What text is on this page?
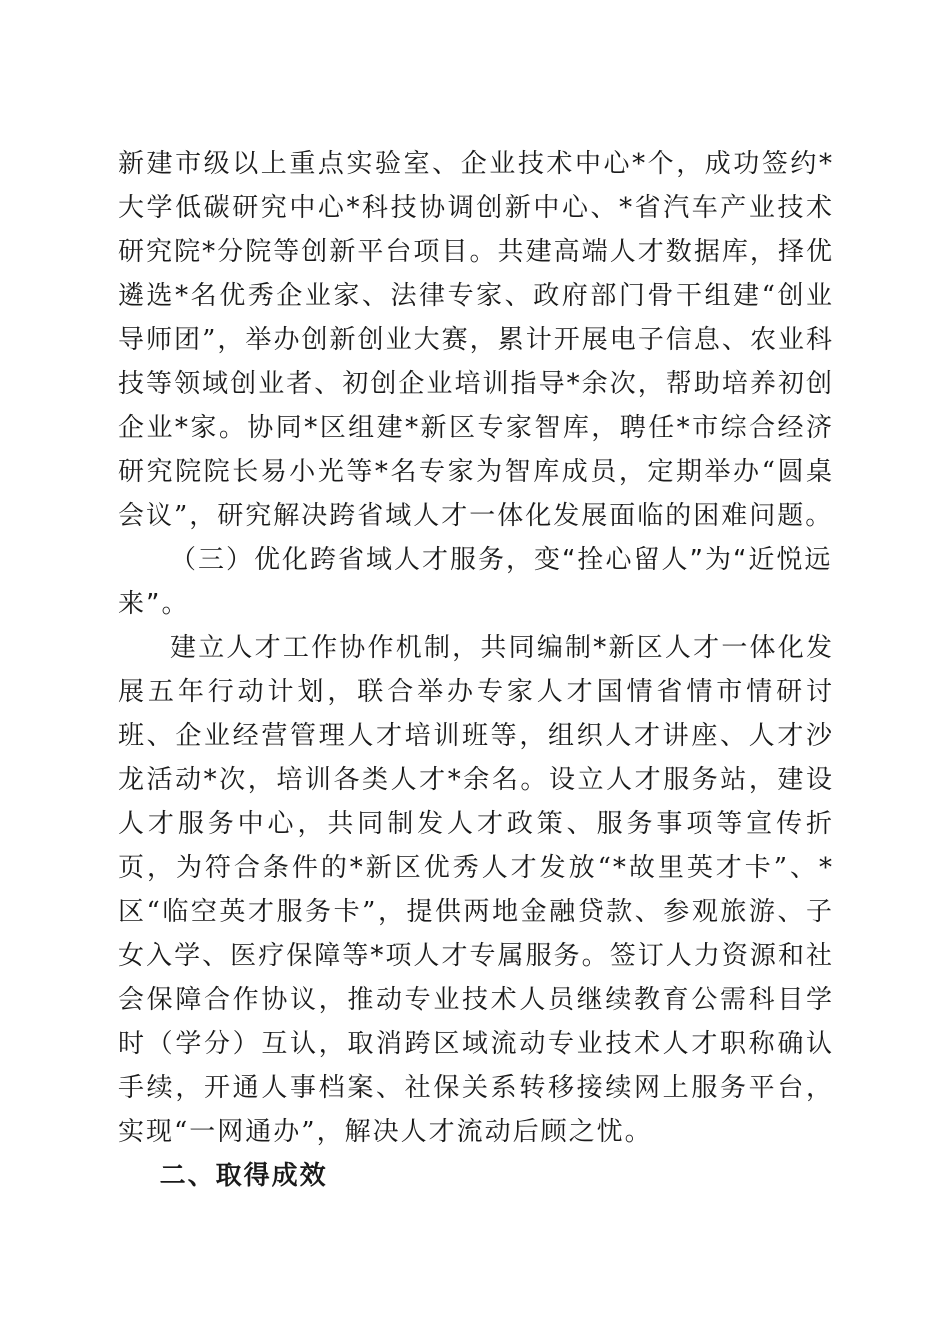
新建市级以上重点实验室、企业技术中心*个，成功签约*大学低碳研究中心*科技协调创新中心、*省汽车产业技术研究院*分院等创新平台项目。共建高端人才数据库，择优遴选*名优秀企业家、法律专家、政府部门骨干组建“创业导师团”，举办创新创业大赛，累计开展电子信息、农业科技等领域创业者、初创企业培训指导*余次，帮助培养初创企业*家。协同*区组建*新区专家智库，聘任*市综合经济研究院院长易小光等*名专家为智库成员，定期举办“圆桌会议”，研究解决跨省域人才一体化发展面临的困难问题。

（三）优化跨省域人才服务，变“拴心留人”为“近悦远来”。

建立人才工作协作机制，共同编制*新区人才一体化发展五年行动计划，联合举办专家人才国情省情市情研讨班、企业经营管理人才培训班等，组织人才讲座、人才沙龙活动*次，培训各类人才*余名。设立人才服务站，建设人才服务中心，共同制发人才政策、服务事项等宣传折页，为符合条件的*新区优秀人才发放“*故里英才卡”、*区“临空英才服务卡”，提供两地金融贷款、参观旅游、子女入学、医疗保障等*项人才专属服务。签订人力资源和社会保障合作协议，推动专业技术人员继续教育公需科目学时（学分）互认，取消跨区域流动专业技术人才职称确认手续，开通人事档案、社保关系转移接续网上服务平台，实现“一网通办”，解决人才流动后顾之忧。

二、取得成效
